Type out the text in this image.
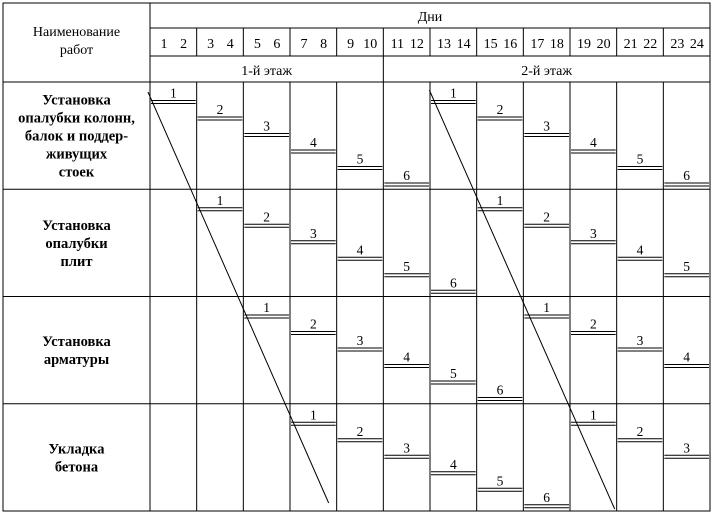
Наименование
работ
Дни
1 2 3 4 5 6 7 8 9 10 11 12 13 14 15 16 17 18 19 20 21 22 23 24
1-й этаж	2-й этаж
Установка
опалубки колонн,
балок и поддер-
живущих
стоек
Установка
опалубки
плит
Установка
арматуры
Укладка
бетона
1
2
3
4
5
1
2
3
4
1
2
3
1
2
6
1
2
3
4
5
6
5
6
1
2
3
4
5
4
5
6
1
2
3
4
3
4
5
6
1
2
3
